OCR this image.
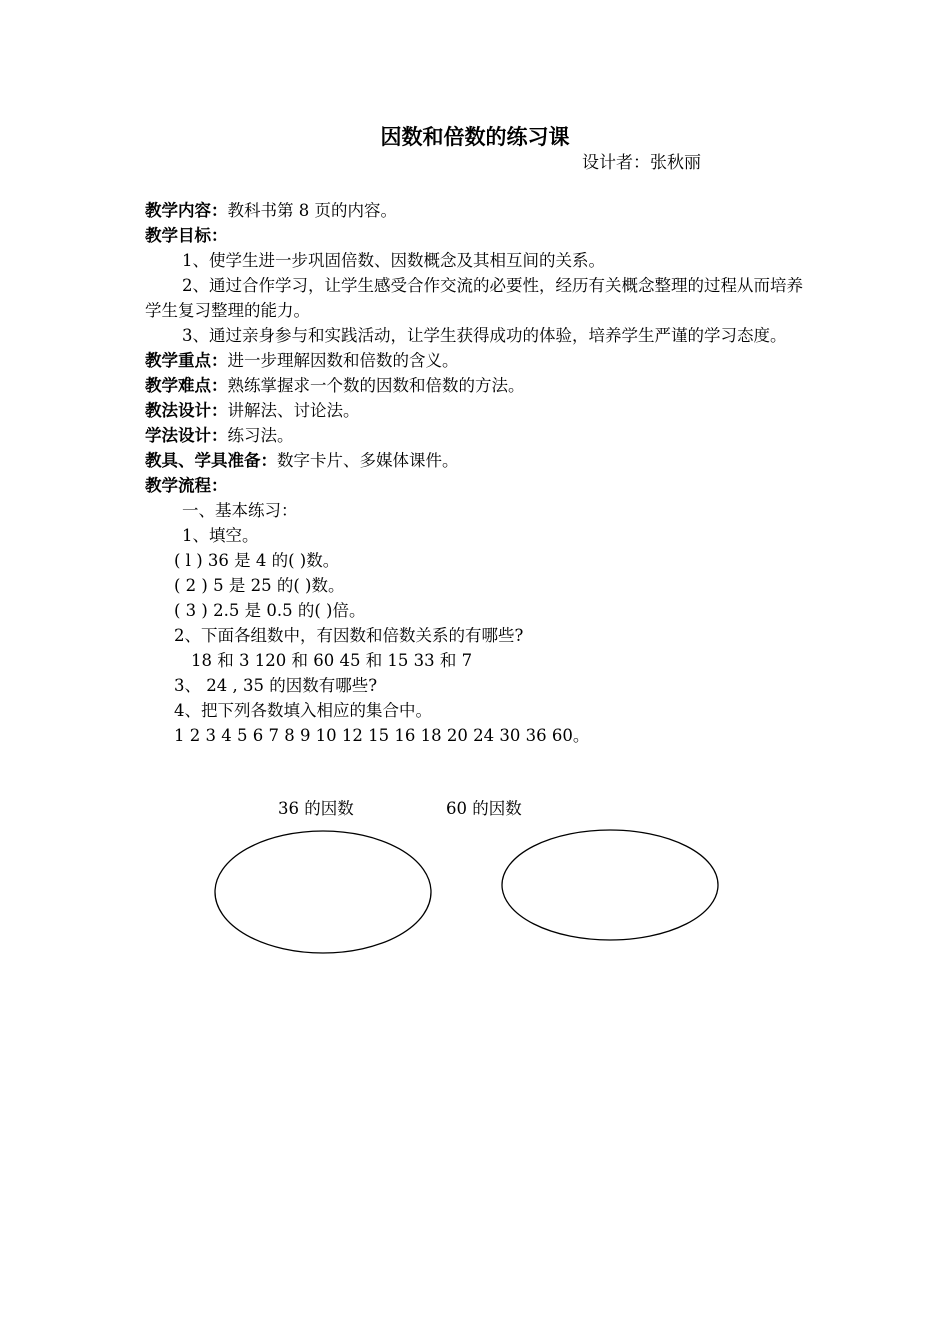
因数和倍数的练习课
设计者：张秋丽

教学内容：教科书第 8 页的内容。

教学目标：

1、使学生进一步巩固倍数、因数概念及其相互间的关系。

2、通过合作学习，让学生感受合作交流的必要性，经历有关概念整理的过程从而培养学生复习整理的能力。

3、通过亲身参与和实践活动，让学生获得成功的体验，培养学生严谨的学习态度。

教学重点：进一步理解因数和倍数的含义。

教学难点：熟练掌握求一个数的因数和倍数的方法。

教法设计：讲解法、讨论法。

学法设计：练习法。

教具、学具准备：数字卡片、多媒体课件。

教学流程：

一、基本练习：

1、填空。

( l ) 36 是 4 的( )数。

( 2 ) 5 是 25 的( )数。

( 3 ) 2.5 是 0.5 的( )倍。

2、下面各组数中，有因数和倍数关系的有哪些?

18 和 3 120 和 60 45 和 15 33 和 7

3、 24 , 35 的因数有哪些?

4、把下列各数填入相应的集合中。

1 2 3 4 5 6 7 8 9 10 12 15 16 18 20 24 30 36 60。

36 的因数	60 的因数
